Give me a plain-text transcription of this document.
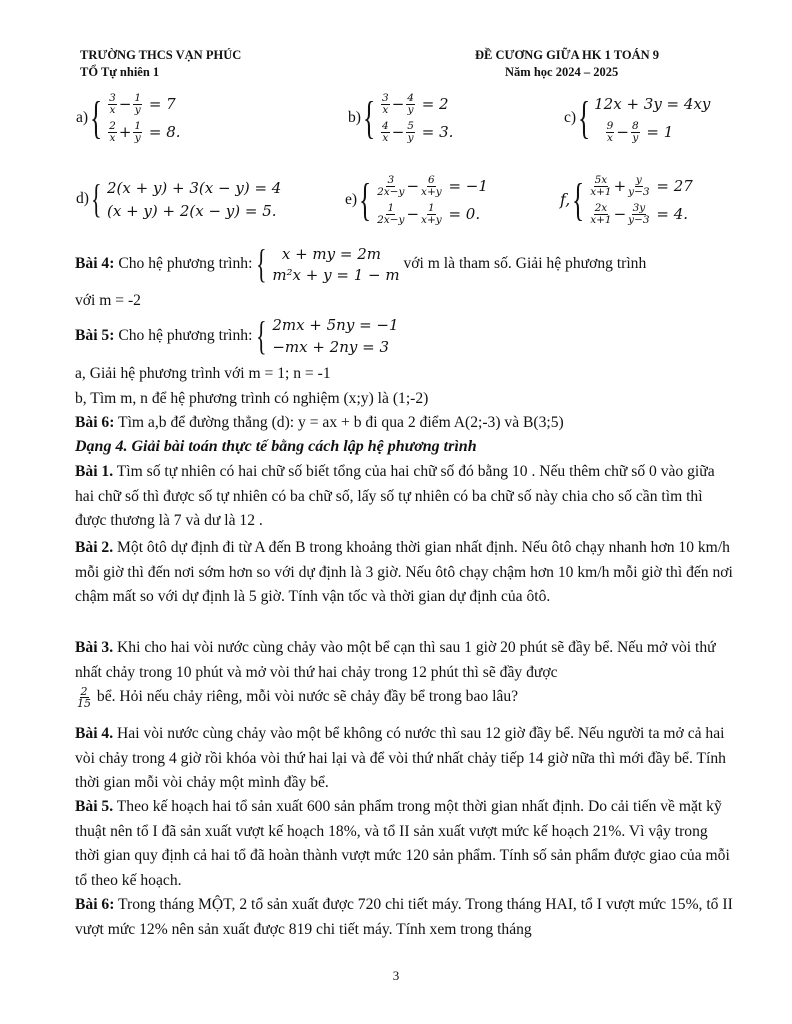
TRƯỜNG THCS VẠN PHÚC
TỔ Tự nhiên 1
ĐỀ CƯƠNG GIỮA HK 1 TOÁN 9
Năm học 2024 – 2025
a) { 3
x − 1
y = 7
2
$x + \frac{1}{y}$
= 8.
b) { 3
x − 4
y = 2
4
$x - \frac{5}{y}$
= 3.
c) { 12x + 3y = 4xy

9
x − 8
y = 1
d) { 2(x + y) + 3(x − y) = 4
(x + y) + 2(x − y) = 5.
e) { 3
2x−y − 6
x+y = −1
1
2x−y − 1
x+y = 0.
f, { 5x
x+1 + y
y−3 = 27
2x
x+1 − 3y
y−3 = 4.
Bài 4:
Cho hệ phương trình:
{
x + my = 2m
m²x + y = 1 − m

với m là tham số. Giải hệ phương trình
với m = -2
Bài 5:
Cho hệ phương trình:
{ 2mx + 5ny = −1
−mx + 2ny = 3
a, Giải hệ phương trình với m = 1; n = -1
b, Tìm m, n để hệ phương trình có nghiệm (x;y) là (1;-2)
Bài 6: Tìm a,b để đường thẳng (d): y = ax + b đi qua 2 điểm A(2;-3) và B(3;5)
Dạng 4. Giải bài toán thực tế bằng cách lập hệ phương trình
Bài 1. Tìm số tự nhiên có hai chữ số biết tổng của hai chữ số đó bằng 10 . Nếu thêm chữ số 0 vào giữa hai chữ số thì được số tự nhiên có ba chữ số, lấy số tự nhiên có ba chữ số này chia cho số cần tìm thì được thương là 7 và dư là 12 .
Bài 2. Một ôtô dự định đi từ A đến B trong khoảng thời gian nhất định. Nếu ôtô chạy nhanh hơn 10 km/h mỗi giờ thì đến nơi sớm hơn so với dự định là 3 giờ. Nếu ôtô chạy chậm hơn 10 km/h mỗi giờ thì đến nơi chậm mất so với dự định là 5 giờ. Tính vận tốc và thời gian dự định của ôtô.
Bài 3. Khi cho hai vòi nước cùng chảy vào một bể cạn thì sau 1 giờ 20 phút sẽ đầy bể. Nếu mở vòi thứ nhất chảy trong 10 phút và mở vòi thứ hai chảy trong 12 phút thì sẽ đầy được

$\frac{2}{15}$ bể. Hỏi nếu chảy riêng, mỗi vòi nước sẽ chảy đầy bể trong bao lâu?
Bài 4. Hai vòi nước cùng chảy vào một bể không có nước thì sau 12 giờ đầy bể. Nếu người ta mở cả hai vòi chảy trong 4 giờ rồi khóa vòi thứ hai lại và để vòi thứ nhất chảy tiếp 14 giờ nữa thì mới đầy bể. Tính thời gian mỗi vòi chảy một mình đầy bể.
Bài 5. Theo kế hoạch hai tổ sản xuất 600 sản phẩm trong một thời gian nhất định. Do cải tiến về mặt kỹ thuật nên tổ I đã sản xuất vượt kế hoạch 18%, và tổ II sản xuất vượt mức kế hoạch 21%. Vì vậy trong thời gian quy định cả hai tổ đã hoàn thành vượt mức 120 sản phẩm. Tính số sản phẩm được giao của mỗi tổ theo kế hoạch.
Bài 6: Trong tháng MỘT, 2 tổ sản xuất được 720 chi tiết máy. Trong tháng HAI, tổ I vượt mức 15%, tổ II vượt mức 12% nên sản xuất được 819 chi tiết máy. Tính xem trong tháng
3
